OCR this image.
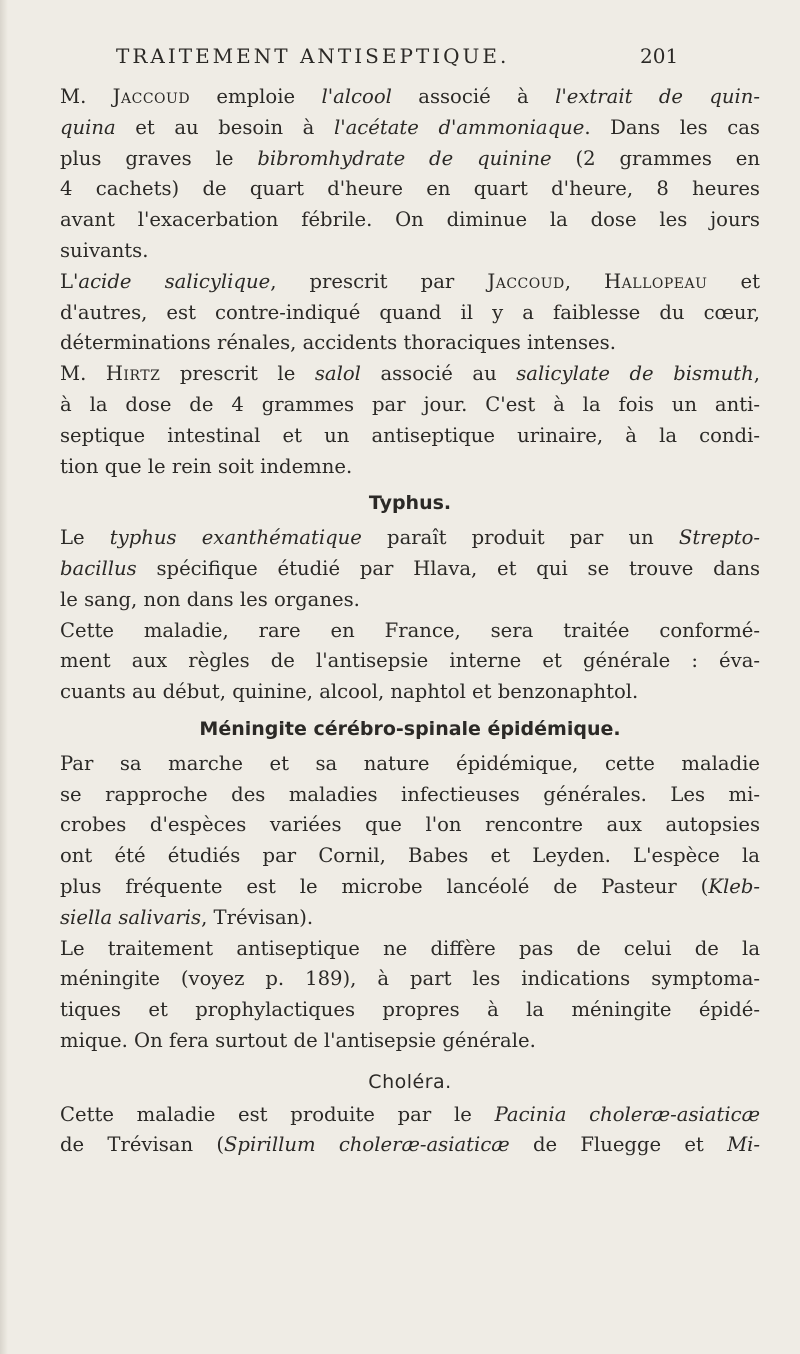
TRAITEMENT ANTISEPTIQUE.	201
M. Jaccoud emploie l'alcool associé à l'extrait de quin-
quina et au besoin à l'acétate d'ammoniaque. Dans les cas
plus graves le bibromhydrate de quinine (2 grammes en
4 cachets) de quart d'heure en quart d'heure, 8 heures
avant l'exacerbation fébrile. On diminue la dose les jours
suivants.
L'acide salicylique, prescrit par Jaccoud, Hallopeau et
d'autres, est contre-indiqué quand il y a faiblesse du cœur,
déterminations rénales, accidents thoraciques intenses.
M. Hirtz prescrit le salol associé au salicylate de bismuth,
à la dose de 4 grammes par jour. C'est à la fois un anti-
septique intestinal et un antiseptique urinaire, à la condi-
tion que le rein soit indemne.
Typhus.
Le typhus exanthématique paraît produit par un Strepto-
bacillus spécifique étudié par Hlava, et qui se trouve dans
le sang, non dans les organes.
Cette maladie, rare en France, sera traitée conformé-
ment aux règles de l'antisepsie interne et générale : éva-
cuants au début, quinine, alcool, naphtol et benzonaphtol.
Méningite cérébro-spinale épidémique.
Par sa marche et sa nature épidémique, cette maladie
se rapproche des maladies infectieuses générales. Les mi-
crobes d'espèces variées que l'on rencontre aux autopsies
ont été étudiés par Cornil, Babes et Leyden. L'espèce la
plus fréquente est le microbe lancéolé de Pasteur (Kleb-
siella salivaris, Trévisan).
Le traitement antiseptique ne diffère pas de celui de la
méningite (voyez p. 189), à part les indications symptoma-
tiques et prophylactiques propres à la méningite épidé-
mique. On fera surtout de l'antisepsie générale.
Choléra.
Cette maladie est produite par le Pacinia choleræ-asiaticæ
de Trévisan (Spirillum choleræ-asiaticæ de Fluegge et Mi-
